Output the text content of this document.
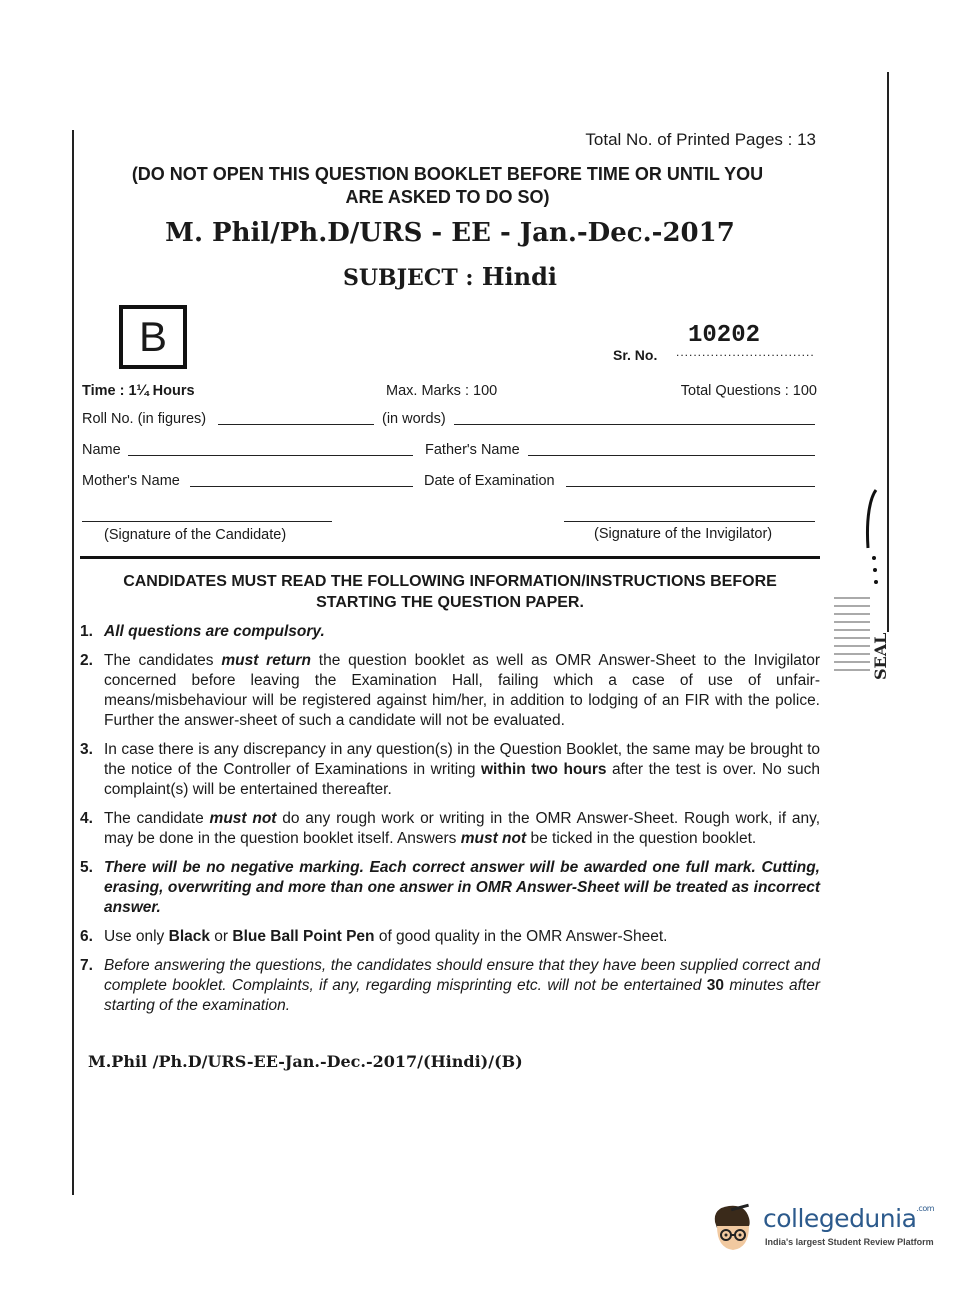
Total No. of Printed Pages : 13
(DO NOT OPEN THIS QUESTION BOOKLET BEFORE TIME OR UNTIL YOU
ARE ASKED TO DO SO)
M. Phil/Ph.D/URS - EE - Jan.-Dec.-2017
SUBJECT : Hindi
B	10202
Sr. No. ................................
Time : 1¼ Hours	Max. Marks : 100	Total Questions : 100
Roll No. (in figures)	(in words)
Name	Father's Name
Mother's Name	Date of Examination
(Signature of the Candidate)	(Signature of the Invigilator)
CANDIDATES MUST READ THE FOLLOWING INFORMATION/INSTRUCTIONS BEFORE
STARTING THE QUESTION PAPER.
1. All questions are compulsory.
2. The candidates must return the question booklet as well as OMR Answer-Sheet to the Invigilator concerned before leaving the Examination Hall, failing which a case of use of unfair-means/misbehaviour will be registered against him/her, in addition to lodging of an FIR with the police. Further the answer-sheet of such a candidate will not be evaluated.
3. In case there is any discrepancy in any question(s) in the Question Booklet, the same may be brought to the notice of the Controller of Examinations in writing within two hours after the test is over. No such complaint(s) will be entertained thereafter.
4. The candidate must not do any rough work or writing in the OMR Answer-Sheet. Rough work, if any, may be done in the question booklet itself. Answers must not be ticked in the question booklet.
5. There will be no negative marking. Each correct answer will be awarded one full mark. Cutting, erasing, overwriting and more than one answer in OMR Answer-Sheet will be treated as incorrect answer.
6. Use only Black or Blue Ball Point Pen of good quality in the OMR Answer-Sheet.
7. Before answering the questions, the candidates should ensure that they have been supplied correct and complete booklet. Complaints, if any, regarding misprinting etc. will not be entertained 30 minutes after starting of the examination.
M.Phil /Ph.D/URS-EE-Jan.-Dec.-2017/(Hindi)/(B)
SEAL
collegedunia$^{.com}$
India's largest Student Review Platform
